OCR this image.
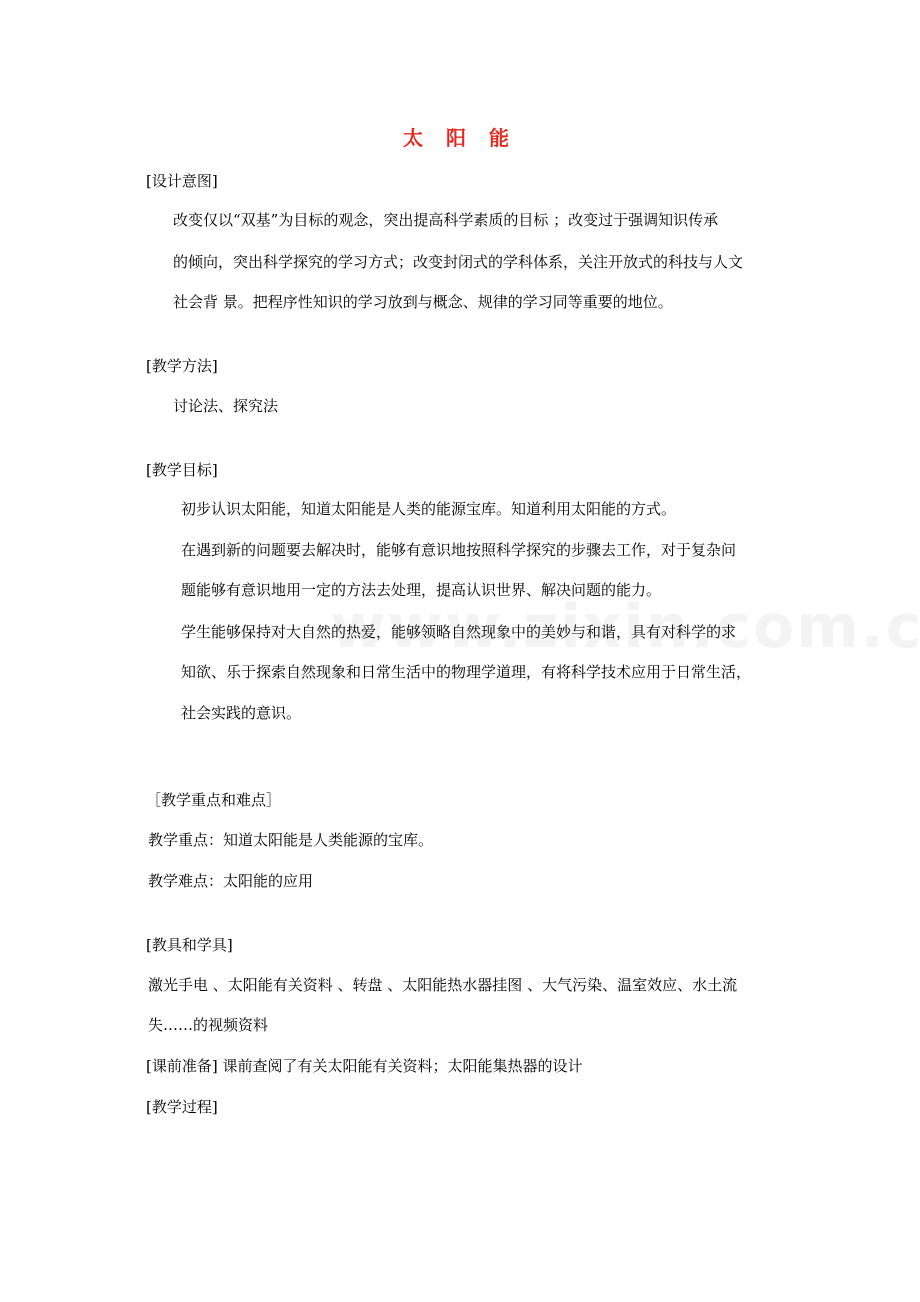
太 阳 能
[设计意图]
改变仅以“双基”为目标的观念，突出提高科学素质的目标 ；改变过于强调知识传承
的倾向，突出科学探究的学习方式；改变封闭式的学科体系，关注开放式的科技与人文
社会背 景。把程序性知识的学习放到与概念、规律的学习同等重要的地位。
[教学方法]
讨论法、探究法
[教学目标]
初步认识太阳能，知道太阳能是人类的能源宝库。知道利用太阳能的方式。
在遇到新的问题要去解决时，能够有意识地按照科学探究的步骤去工作，对于复杂问
题能够有意识地用一定的方法去处理，提高认识世界、解决问题的能力。
学生能够保持对大自然的热爱，能够领略自然现象中的美妙与和谐，具有对科学的求
知欲、乐于探索自然现象和日常生活中的物理学道理，有将科学技术应用于日常生活，
社会实践的意识。
［教学重点和难点］
教学重点：知道太阳能是人类能源的宝库。
教学难点：太阳能的应用
[教具和学具]
激光手电 、太阳能有关资料 、转盘 、太阳能热水器挂图 、大气污染、温室效应、水土流
失……的视频资料
[课前准备] 课前查阅了有关太阳能有关资料；太阳能集热器的设计
[教学过程]
